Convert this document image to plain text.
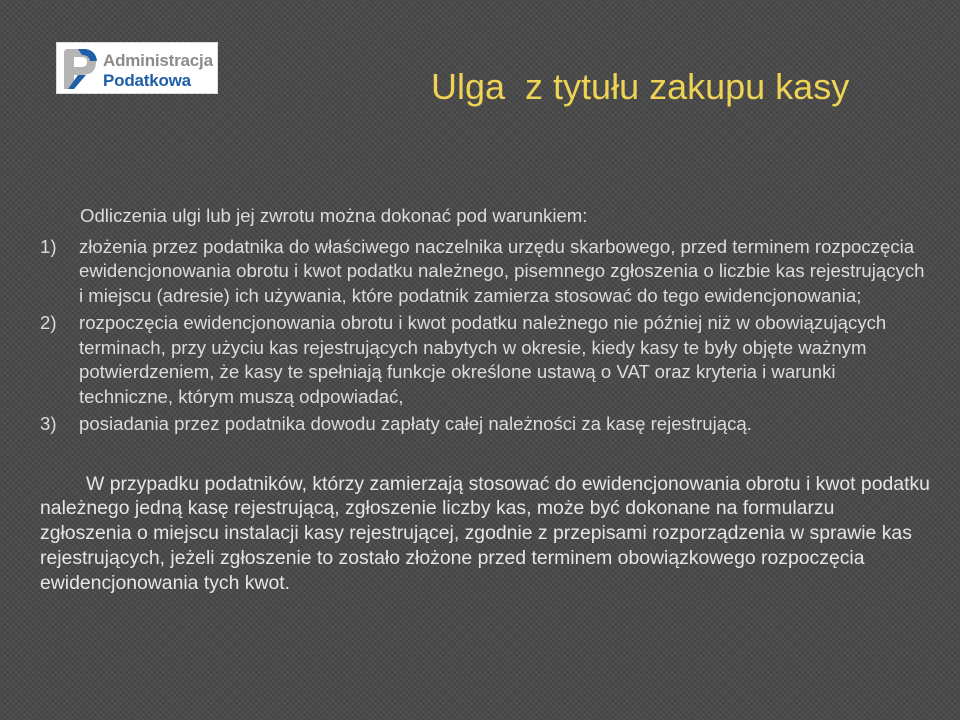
Administracja
Podatkowa	Ulga  z tytułu zakupu kasy

Odliczenia ulgi lub jej zwrotu można dokonać pod warunkiem:

1)	złożenia przez podatnika do właściwego naczelnika urzędu skarbowego, przed terminem rozpoczęcia ewidencjonowania obrotu i kwot podatku należnego, pisemnego zgłoszenia o liczbie kas rejestrujących i miejscu (adresie) ich używania, które podatnik zamierza stosować do tego ewidencjonowania;
2)	rozpoczęcia ewidencjonowania obrotu i kwot podatku należnego nie później niż w obowiązujących terminach, przy użyciu kas rejestrujących nabytych w okresie, kiedy kasy te były objęte ważnym potwierdzeniem, że kasy te spełniają funkcje określone ustawą o VAT oraz kryteria i warunki techniczne, którym muszą odpowiadać,
3)	posiadania przez podatnika dowodu zapłaty całej należności za kasę rejestrującą.

W przypadku podatników, którzy zamierzają stosować do ewidencjonowania obrotu i kwot podatku należnego jedną kasę rejestrującą, zgłoszenie liczby kas, może być dokonane na formularzu zgłoszenia o miejscu instalacji kasy rejestrującej, zgodnie z przepisami rozporządzenia w sprawie kas rejestrujących, jeżeli zgłoszenie to zostało złożone przed terminem obowiązkowego rozpoczęcia ewidencjonowania tych kwot.
